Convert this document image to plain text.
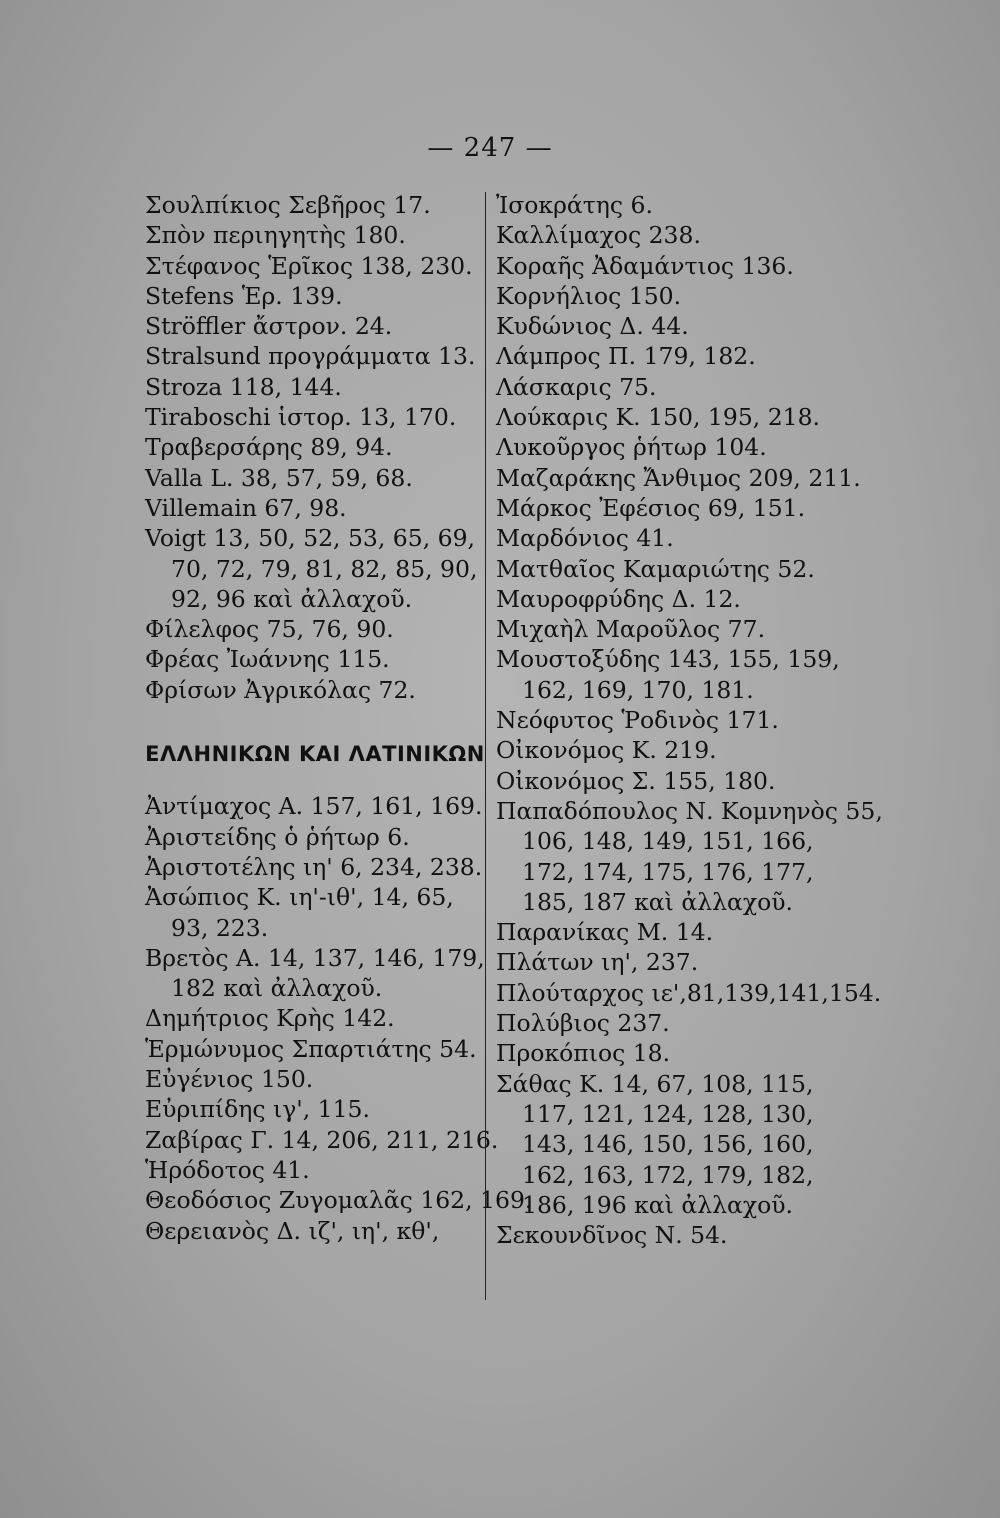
— 247 —
Σουλπίκιος Σεβῆρος 17.
Σπὸν περιηγητὴς 180.
Στέφανος Ἑρῖκος 138, 230.
Stefens Ἑρ. 139.
Ströffler ἄστρον. 24.
Stralsund προγράμματα 13.
Stroza 118, 144.
Tiraboschi ἱστορ. 13, 170.
Τραβερσάρης 89, 94.
Valla L. 38, 57, 59, 68.
Villemain 67, 98.
Voigt 13, 50, 52, 53, 65, 69,
70, 72, 79, 81, 82, 85, 90,
92, 96 καὶ ἀλλαχοῦ.
Φίλελφος 75, 76, 90.
Φρέας Ἰωάννης 115.
Φρίσων Ἀγρικόλας 72.
ΕΛΛΗΝΙΚΩΝ ΚΑΙ ΛΑΤΙΝΙΚΩΝ
Ἀντίμαχος Α. 157, 161, 169.
Ἀριστείδης ὁ ῥήτωρ 6.
Ἀριστοτέλης ιη' 6, 234, 238.
Ἀσώπιος Κ. ιη'-ιθ', 14, 65,
93, 223.
Βρετὸς Α. 14, 137, 146, 179,
182 καὶ ἀλλαχοῦ.
Δημήτριος Κρὴς 142.
Ἑρμώνυμος Σπαρτιάτης 54.
Εὐγένιος 150.
Εὐριπίδης ιγ', 115.
Ζαβίρας Γ. 14, 206, 211, 216.
Ἡρόδοτος 41.
Θεοδόσιος Ζυγομαλᾶς 162, 169.
Θερειανὸς Δ. ιζ', ιη', κθ',
Ἰσοκράτης 6.
Καλλίμαχος 238.
Κοραῆς Ἀδαμάντιος 136.
Κορνήλιος 150.
Κυδώνιος Δ. 44.
Λάμπρος Π. 179, 182.
Λάσκαρις 75.
Λούκαρις Κ. 150, 195, 218.
Λυκοῦργος ῥήτωρ 104.
Μαζαράκης Ἄνθιμος 209, 211.
Μάρκος Ἐφέσιος 69, 151.
Μαρδόνιος 41.
Ματθαῖος Καμαριώτης 52.
Μαυροφρύδης Δ. 12.
Μιχαὴλ Μαροῦλος 77.
Μουστοξύδης 143, 155, 159,
162, 169, 170, 181.
Νεόφυτος Ῥοδινὸς 171.
Οἰκονόμος Κ. 219.
Οἰκονόμος Σ. 155, 180.
Παπαδόπουλος Ν. Κομνηνὸς 55,
106, 148, 149, 151, 166,
172, 174, 175, 176, 177,
185, 187 καὶ ἀλλαχοῦ.
Παρανίκας Μ. 14.
Πλάτων ιη', 237.
Πλούταρχος ιε',81,139,141,154.
Πολύβιος 237.
Προκόπιος 18.
Σάθας Κ. 14, 67, 108, 115,
117, 121, 124, 128, 130,
143, 146, 150, 156, 160,
162, 163, 172, 179, 182,
186, 196 καὶ ἀλλαχοῦ.
Σεκουνδῖνος Ν. 54.
